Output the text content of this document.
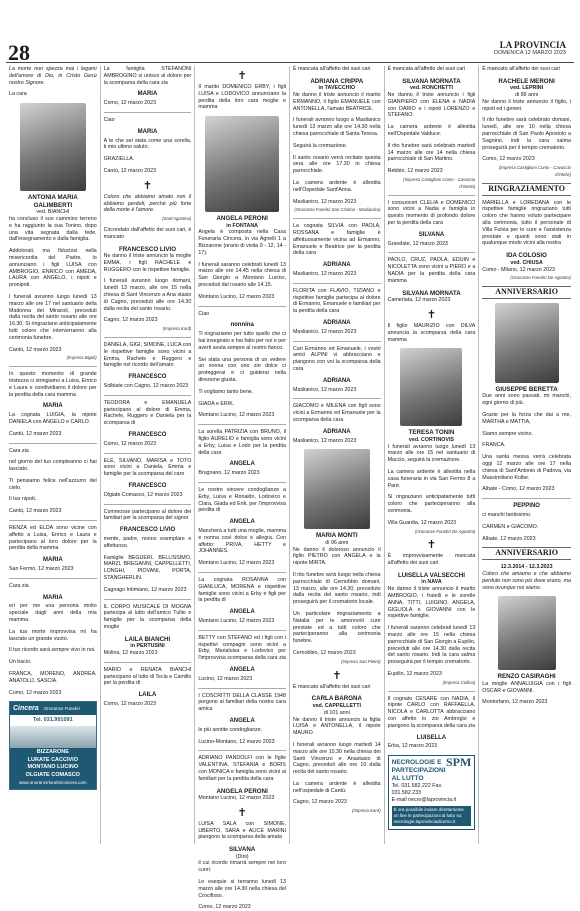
28	LA PROVINCIA
DOMENICA 12 MARZO 2023

La morte non spezza mai i legami dell'amore di Dio, in Cristo Gesù nostro Signore.

La cara

ANTONIA MARIA GALIMBERTI
ved. BIANCHI

ha concluso il suo cammino terreno e ha raggiunto la sua Tonino, dopo una vita segnata dalla fede, dall'insegnamento e dalla famiglia.

Addolorati, ma fiduciosi nella misericordia del Padre, lo annunciano i figli LUISA con AMBROGIO, ENRICO con AMEDA, LAURA con ANGELO, i nipoti e pronipoti.

I funerali avranno luogo lunedì 13 marzo alle ore 17 nel santuario della Madonna dei Miracoli, preceduti dalla recita del santo rosario alle ore 16.30. Si ringraziano anticipatamente tutti coloro che interverranno alla cerimonia funebre.

Cantù, 12 marzo 2023

(Impresa Bigoli)

In questo momento di grande tristezza ci stringiamo a Luisa, Enrico e Laura e condividiamo il dolore per la perdita della cara mamma

MARIA

La cognata LUIGIA, la nipote DANIELA con ANGELO e CARLO.

Cantù, 12 marzo 2023

Cara zia

nel giorno del tuo compleanno ci hai lasciato.

Ti pensiamo felice nell'azzurro del cielo.

Il tuo nipoti.

Cantù, 12 marzo 2023

RENZA ed ELDA sono vicine con affetto a Luisa, Enrico e Laura e partecipano al loro dolore per la perdita della mamma

MARIA

San Fermo, 12 marzo 2023

Cara zia

MARIA

eri per me una persona molto speciale dagli anni della mia mamma.

La tua morte improvvisa mi ha lasciato un grande vuoto.

Il tuo ricordo sarà sempre vivo in noi.

Un bacio.

FRANCA, MORENO, ANDREA, ANATOLIJ, SASCIA.

Como, 12 marzo 2023

Cincera Onoranze Funebri
Tel. 031.991091
BIZZARONE
LURATE CACCIVIO
MONTANO LUCINO
OLGIATE COMASCO
www.onoranzefunebricincera.com

La famiglia STEFANONI AMBROGINO si unisce al dolore per la scomparsa della cara zia

MARIA

Como, 12 marzo 2023

Ciao

MARIA

A te che sei stata come una sorella, ti mio ultimo saluto.

GRAZIELLA.

Cantù, 12 marzo 2023

✝

Coloro che abbiamo amato non li abbiamo perduti, perché più forte della morte è l'amore.

(Sant'Agostino)

Circondato dall'affetto dei suoi cari, è mancato

FRANCESCO LIVIO

Ne danno il triste annuncio la moglie EMMA, i figli RACHELE e RUGGERO con le rispettive famiglie.

I funerali avranno luogo domani, lunedì 13 marzo, alle ore 15 nella chiesa di Sant Vincenzo a Ana stasio di Cagno, preceduti alle ore 14.30 dalla recita del santo rosario.

Cagno, 12 marzo 2023

(Impresa Kard)

DANIELA, GIGI, SIMONE, LUCA con le rispettive famiglie sono vicini a Emma, Rachele e Ruggero e famiglie nel ricordo dell'amato

FRANCESCO

Solbiate con Cagno, 12 marzo 2023

TEODORA e EMANUELA partecipano al dolore di Emma, Rachele, Ruggero e Daniela per la scomparsa di

FRANCESCO

Como, 12 marzo 2023

ELE, SILVANO, MARISA e TOTO sono vicini a Daniela, Emma e famiglie per la scomparsa del caro

FRANCESCO

Olgiate Comasco, 12 marzo 2023

Commosse partecipano al dolore dei familiari per la scomparsa del signor

FRANCESCO LIVIO

mente, padre, nonno esemplare e affettuoso.

Famiglie BEGUERI, BELLISSIMO, MARZI, BREGANNI, CAPPELLETTI, LONGHI, PIOVANI, PORTA, STANGHERLIN.

Cagnago Intimiano, 12 marzo 2023

IL CORPO MUSICALE DI MOGNA partecipa al lutto dell'amico Tullio e famiglie per la scomparsa della moglie

LAILA BIANCHI
in PERTUSINI

Molina, 12 marzo 2023

MARIO e RENATA BIANCHI partecipano al lutto di Tecla e Camillo per la perdita di

LAILA

Como, 12 marzo 2023

✝

Il marito DOMENICO ERBY, i figli LUISA e LODOVICO annunciano la perdita della loro cara moglie e mamma

ANGELA PERONI
in FONTANA

Angela è composta nella Casa Funeraria Cincera, in via Agnelli 1 a Bizzarone (orario di visita 9 - 12, 14 - 17).

I funerali saranno celebrati lunedì 13 marzo alle ore 14.45 nella chiesa di San Giorgio a Montano Lucino, preceduti dal rosario alle 14.15.

Montano Lucino, 12 marzo 2023

Ciao

nonnina

Ti ringraziamo per tutto quello che ci hai insegnato e hai fatto per noi e per averti avuta sempre al nostro fianco.

Sei stata una persona di un vedere un nonna con uno zio dolce ci proteggerai e ci guiderai nella direzione giusta.

Ti vogliamo tanto bene.

GIADA e ERIK.

Montano Lucino, 12 marzo 2023

La sorella PATRIZIA con BRUNO, il figlio AURELIO e famiglia sono vicini a Erby, Luisa e Lodo per la perdita della cara

ANGELA

Brugnano, 12 marzo 2023

Le nostre sincere condoglianze a Erby, Luisa e Ronaldo, Lodovico e Clara, Giada ed Erik, per l'improvvisa perdita di

ANGELA

Mancherà a tutti una moglie, mamma e nonna così dolce e allegra. Con affetto: PRIVA, HETTY e JOHANNES.

Montano Lucino, 12 marzo 2023

La cognata ROSANNA con GIANLUCA, MORENA e rispettive famiglie sono vicini a Erby e figli per la perdita di

ANGELA

Montano Lucino, 12 marzo 2023

BETTY con STEFANO ed i figli con i rispettivi compagni sono vicini a Erby, Marialuisa e Lodovico per l'improvvisa scomparsa della cara zia

ANGELA

Lucino, 12 marzo 2023

I COSCRITTI DELLA CLASSE 1948 porgono ai familiari della nostra cara amica

ANGELA

le più sentite condoglianze.

Lucino-Montano, 12 marzo 2023

ADRIANO PANDOLFI con le figlie VALENTINA, STEFANIA e BORIS con MONICA e famiglia sono vicini ai familiari per la perdita della cara

ANGELA PERONI

Montano Lucino, 12 marzo 2023

✝

LUISA SALA con SIMONE, UBERTO, SARA e ALICE MARINI piangono la scomparsa della amata

SILVANA
(Dini)

il cui ricordo rimarrà sempre nei loro cuori.

Le esequie si terranno lunedì 13 marzo alle ore 14.30 nella chiesa del Crocifisso.

Como, 12 marzo 2023

È mancata all'affetto dei suoi cari

ADRIANA CRIPPA
in TAVECCHIO

Ne danno il triste annuncio il marito ERMANNO, il figlio EMANUELE con ANTONELLA, l'amato BEATRICE.

I funerali avranno luogo a Maslianico lunedì 13 marzo alle ore 14.30 nella chiesa parrocchiale di Santa Teresa.

Seguirà la cremazione.

Il santo rosario verrà recitato questa sera alle ore 17.30 in chiesa parrocchiale.

La camera ardente è allestita nell'Ospedale Sant'Anna.

Maslianico, 12 marzo 2023

(Onoranze Funebri San Cristina - Maslianico)

La cognata SILVIA con PAOLA, ROSSANA e famiglie è affettuosamente vicina ad Ermanno, Emanuele e Beatrice per la perdita della cara

ADRIANA

Maslianico, 12 marzo 2023

FLORITA con FLAVIO, TIZIANO e rispettive famiglie partecipa al dolore di Ermanno, Emanuele e familiari per la perdita della cara

ADRIANA

Maslianico, 12 marzo 2023

Cari Ermanno ed Emanuele, i vostri amici ALPINI vi abbracciano e piangono con voi la scomparsa della cara

ADRIANA

Maslianico, 12 marzo 2023

GIACOMO e MILENA con figli sono vicini a Ermanno ed Emanuele per la scomparsa della cara

ADRIANA

Maslianico, 12 marzo 2023

MARIA MONTI
di 96 anni

Ne danno il doloroso annuncio il figlio PIETRO con ANGELA e la nipote MIRTA.

Il rito funebre avrà luogo nella chiesa parrocchiale di Cernobbio domani, 13 marzo, alle ore 14.30, preceduto dalla recita del santo rosario, indi proseguirà per il crematorio locale.

Un particolare ringraziamento a Natalia per le amorevoli cure prestate ed a tutti coloro che parteciperanno alla cerimonia funebre.

Cernobbio, 12 marzo 2023

(Impresa San Pietro)
✝

È mancato all'affetto dei suoi cari

CARLA BARGNA
ved. CAPPELLETTI
di 101 anni

Ne danno il triste annuncio la figlia LUISA e ANTONELLA, il nipote MAURO.

I funerali avranno luogo martedì 14 marzo alle ore 10.30 nella chiesa dei Santi Vincenzo e Anastasio di Cagno, preceduti alle ore 10 dalla recita del santo rosario.

La camera ardente è allestita nell'ospedale di Cantù.

Cagno, 12 marzo 2023

(Impresa Kard)

È mancata all'affetto dei suoi cari

SILVANA MORNATA
ved. RONCHETTI

Ne danno il triste annuncio i figli GIANPIERO con ELENA e NADIA con DARIO e i nipoti LORENZO e STEFANO.

La camera ardente è allestita nell'Ospedale Valduce.

Il rito funebre sarà celebrato martedì 14 marzo alle ore 14 nella chiesa parrocchiale di San Martino.

Rebbio, 12 marzo 2023

(Impresa Castiglioni Como - Cavaccio d'Intelvi)

I consuoceri CLELIA e DOMENICO sono vicini a Nadia e famiglia in questo momento di profondo dolore per la perdita della cara

SILVANA

Grandate, 12 marzo 2023

PAOLO, CRUZ, PAOLA, EDUIN e NICOLETTA sono vicini a PIERO e a NADIA per la perdita della cara mamma

SILVANA MORNATA

Camerlata, 12 marzo 2023

✝

Il figlio MAURIZIO con DILVA annuncia la scomparsa della cara mamma

TERESA TONIN
ved. CORTINOVIS

I funerali avranno luogo lunedì 13 marzo alle ore 15 nel santuario di Maccio, seguirà la cremazione.

La camera ardente è allestita nella casa funeraria in via San Fermo 8 a Parè.

Si ringraziano anticipatamente tutti coloro che parteciperanno alla cerimonia.

Villa Guardia, 12 marzo 2023

(Onoranze Funebri De Agostini)
✝

È improvvisamente mancata all'affetto dei suoi cari

LUISELLA VALSECCHI
in NAVA

Ne danno il triste annuncio il marito AMBROGIO, i fratelli e le sorelle ANNA, TITTI, LUIGINO, ANGELA, GIGLIOLA e GIOVANNI con le rispettive famiglie.

I funerali saranno celebrati lunedì 13 marzo alle ore 15 nella chiesa parrocchiale di San Giorgio a Eupilio, preceduti alle ore 14.30 dalla recita del santo rosario. Indi la cara salma proseguirà per il tempio crematorio.

Eupilio, 12 marzo 2023

(Impresa Collina)

Il cognato CESARE con NADIA, il nipote CARLO con RAFFAELLA, NICOLA e CARLOTTA abbracciano con affetto lo zio Ambrogio e piangono la scomparsa della cara zia

LUISELLA

Erba, 12 marzo 2023

SPM
NECROLOGIE E
PARTECIPAZIONI
AL LUTTO
Tel. 031.582.222 Fax. 031.582.233
E-mail necro@laprovincia.it
È ora possibile inviare direttamente on line le partecipazioni al lutto su: necrologie.laprovinciadicomo.it

È mancato all'affetto dei suoi cari

RACHELE MERONI
ved. LEPRINI
di 89 anni

Ne danno il triste annuncio il figlio, i nipoti ed i generi.

Il rito funebre sarà celebrato domani, lunedì, alle ore 10 nella chiesa parrocchiale di San Paolo Apostolo a Sagnino, indi la cara salma proseguirà per il tempio crematorio.

Como, 12 marzo 2023

(Impresa Castiglioni Como - Cavaccio d'Intelvi)
RINGRAZIAMENTO

MARIELLA e LOREDANA con le rispettive famiglie ringraziano tutti coloro che hanno voluto partecipare alla cerimonia, tutto il personale di Villa Fulvia per le cure e l'assistenza prestate e quanti sono stati in qualunque modo vicini alla nostra

IDA COLOSIO
ved. CHIUSA

Como - Milano, 12 marzo 2023

(Onoranze Funebri De Agostini)
ANNIVERSARIO
GIUSEPPE BERETTA

Due anni sono passati, mi manchi, ogni giorno di più.

Grazie per la forza che dai a me, MARTHA e MATTIA,

Siamo sempre vicino.

FRANCA.

Una santa messa verrà celebrata oggi 12 marzo alle ore 17 nella chiesa di Sant'Antonio di Padova, via Massimiliano Kolbe.

Albate - Como, 12 marzo 2023

PEPPINO

ci manchi tantissimo.

CARMEN e GIACOMO.

Albate, 12 marzo 2023

ANNIVERSARIO
12.3.2014 - 12.3.2023

Coloro che amiamo e che abbiamo perduto non sono più dove erano, ma sono ovunque noi siamo.

RENZO CASIRAGHI

La moglie ANNALUIGIA con i figli OSCAR e GIOVANNI.

Montorfano, 12 marzo 2023
